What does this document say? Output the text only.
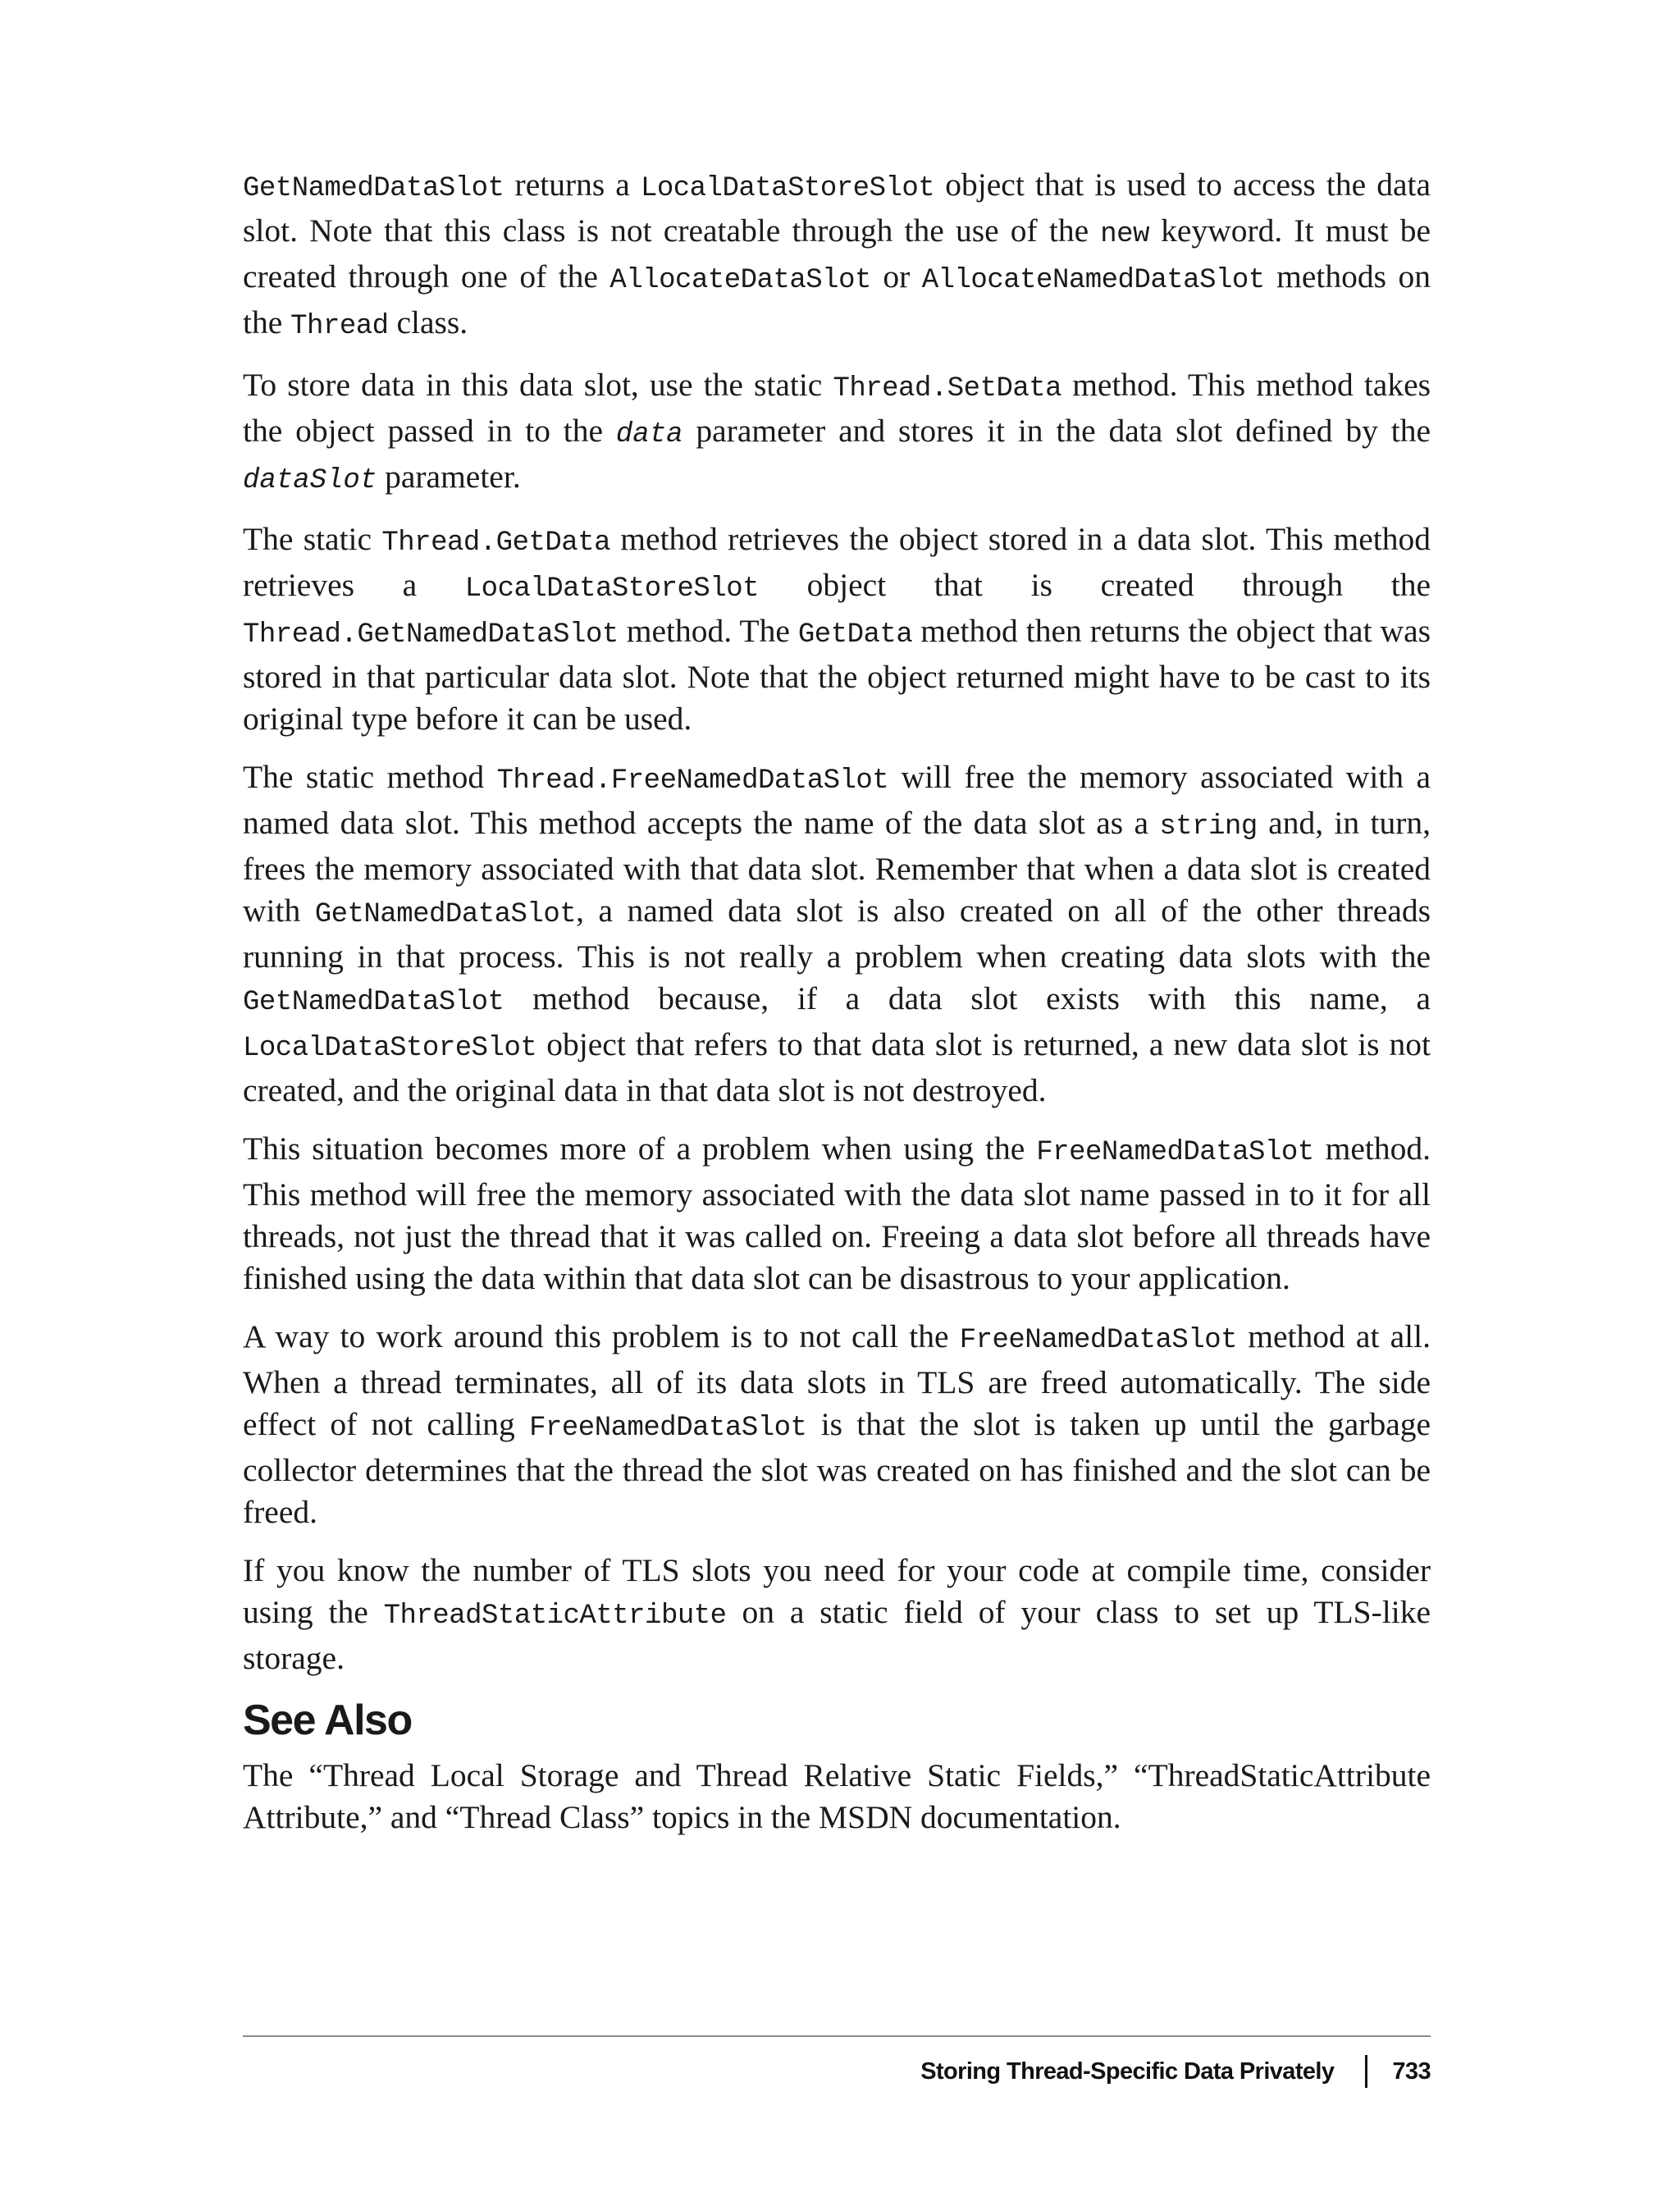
GetNamedDataSlot returns a LocalDataStoreSlot object that is used to access the data slot. Note that this class is not creatable through the use of the new keyword. It must be created through one of the AllocateDataSlot or AllocateNamedDataSlot methods on the Thread class.

To store data in this data slot, use the static Thread.SetData method. This method takes the object passed in to the data parameter and stores it in the data slot defined by the dataSlot parameter.

The static Thread.GetData method retrieves the object stored in a data slot. This method retrieves a LocalDataStoreSlot object that is created through the Thread.GetNamedDataSlot method. The GetData method then returns the object that was stored in that particular data slot. Note that the object returned might have to be cast to its original type before it can be used.

The static method Thread.FreeNamedDataSlot will free the memory associated with a named data slot. This method accepts the name of the data slot as a string and, in turn, frees the memory associated with that data slot. Remember that when a data slot is created with GetNamedDataSlot, a named data slot is also created on all of the other threads running in that process. This is not really a problem when creating data slots with the GetNamedDataSlot method because, if a data slot exists with this name, a LocalDataStoreSlot object that refers to that data slot is returned, a new data slot is not created, and the original data in that data slot is not destroyed.

This situation becomes more of a problem when using the FreeNamedDataSlot method. This method will free the memory associated with the data slot name passed in to it for all threads, not just the thread that it was called on. Freeing a data slot before all threads have finished using the data within that data slot can be disastrous to your application.

A way to work around this problem is to not call the FreeNamedDataSlot method at all. When a thread terminates, all of its data slots in TLS are freed automatically. The side effect of not calling FreeNamedDataSlot is that the slot is taken up until the garbage collector determines that the thread the slot was created on has finished and the slot can be freed.

If you know the number of TLS slots you need for your code at compile time, consider using the ThreadStaticAttribute on a static field of your class to set up TLS-like storage.

See Also

The “Thread Local Storage and Thread Relative Static Fields,” “ThreadStaticAttribute Attribute,” and “Thread Class” topics in the MSDN documentation.

Storing Thread-Specific Data Privately 733
